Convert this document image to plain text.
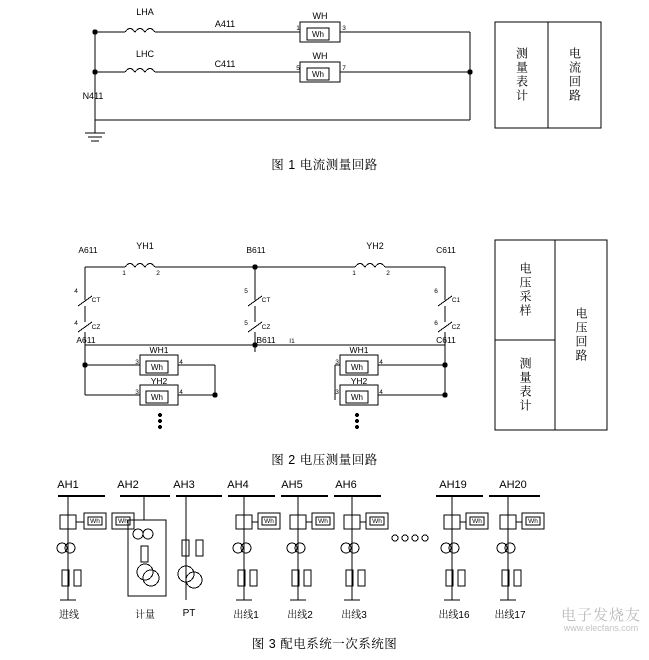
LHA
LHC
A411
C411
N411
WH
WH
Wh
Wh
1	3
5	7	测量表计	电流回路
图 1 电流测量回路
YH1	YH2
1	2	1	2
A611	B611	C611
4	5	6
CT	CT	C1
4	5	6
CZ	CZ	CZ
A611	B611	I1	C611
WH1	WH1
YH2	YH2
Wh
Wh
Wh
Wh
3	4
3	4
3	4
3	4
电压采样
测量表计
电压回路
图 2 电压测量回路
AH1	AH2	AH3	AH4	AH5	AH6	AH19	AH20
进线	计量	PT	出线1	出线2	出线3	出线16	出线17
Wh	Wh	Wh	Wh	Wh	Wh	Wh
图 3 配电系统一次系统图
电子发烧友
www.elecfans.com
